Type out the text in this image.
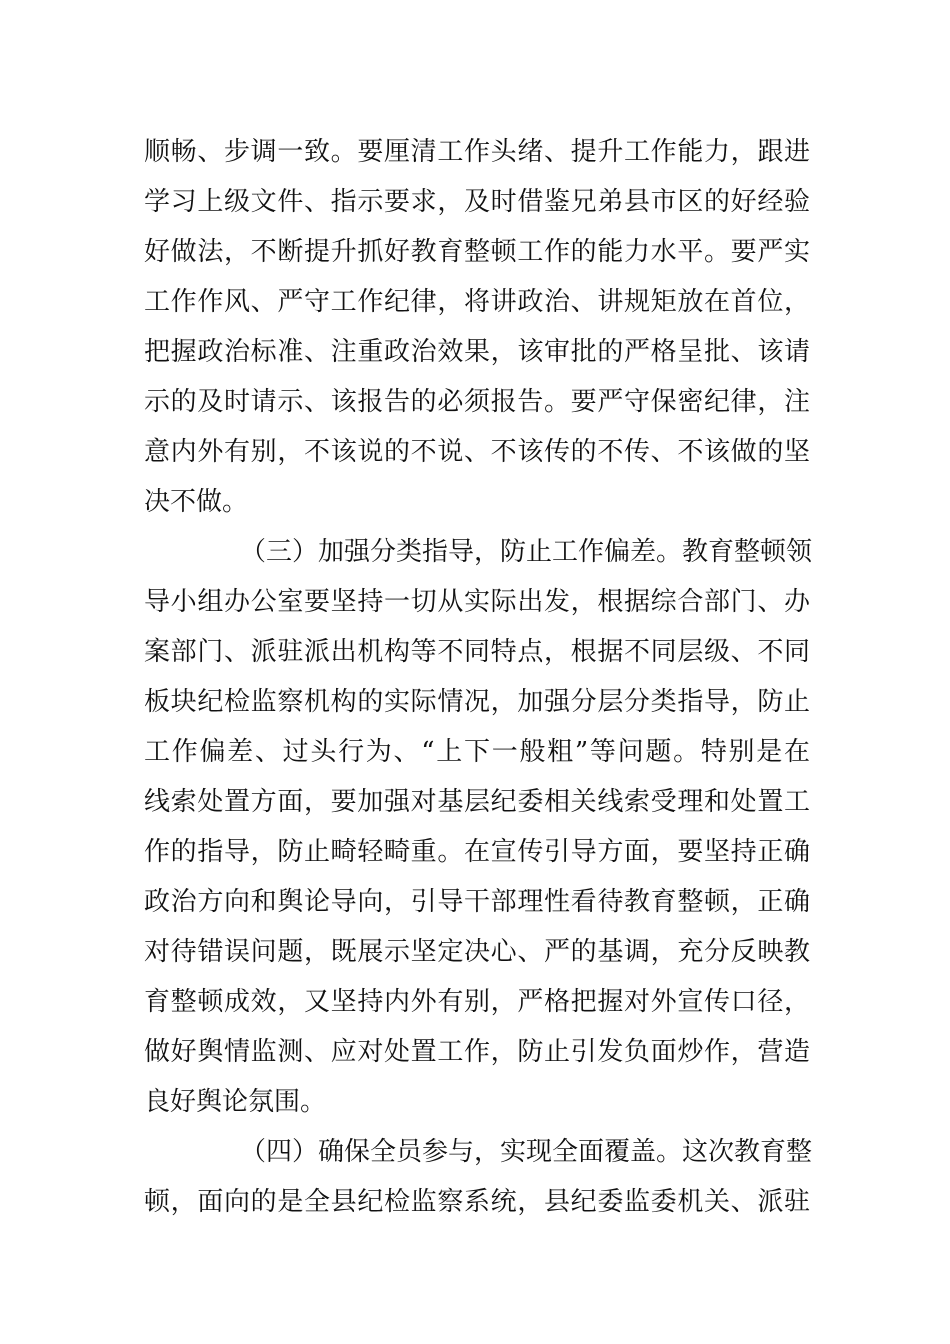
顺畅、步调一致。要厘清工作头绪、提升工作能力，跟进
学习上级文件、指示要求，及时借鉴兄弟县市区的好经验
好做法，不断提升抓好教育整顿工作的能力水平。要严实
工作作风、严守工作纪律，将讲政治、讲规矩放在首位，
把握政治标准、注重政治效果，该审批的严格呈批、该请
示的及时请示、该报告的必须报告。要严守保密纪律，注
意内外有别，不该说的不说、不该传的不传、不该做的坚
决不做。
（三）加强分类指导，防止工作偏差。教育整顿领
导小组办公室要坚持一切从实际出发，根据综合部门、办
案部门、派驻派出机构等不同特点，根据不同层级、不同
板块纪检监察机构的实际情况，加强分层分类指导，防止
工作偏差、过头行为、“上下一般粗”等问题。特别是在
线索处置方面，要加强对基层纪委相关线索受理和处置工
作的指导，防止畸轻畸重。在宣传引导方面，要坚持正确
政治方向和舆论导向，引导干部理性看待教育整顿，正确
对待错误问题，既展示坚定决心、严的基调，充分反映教
育整顿成效，又坚持内外有别，严格把握对外宣传口径，
做好舆情监测、应对处置工作，防止引发负面炒作，营造
良好舆论氛围。
（四）确保全员参与，实现全面覆盖。这次教育整
顿，面向的是全县纪检监察系统，县纪委监委机关、派驻
